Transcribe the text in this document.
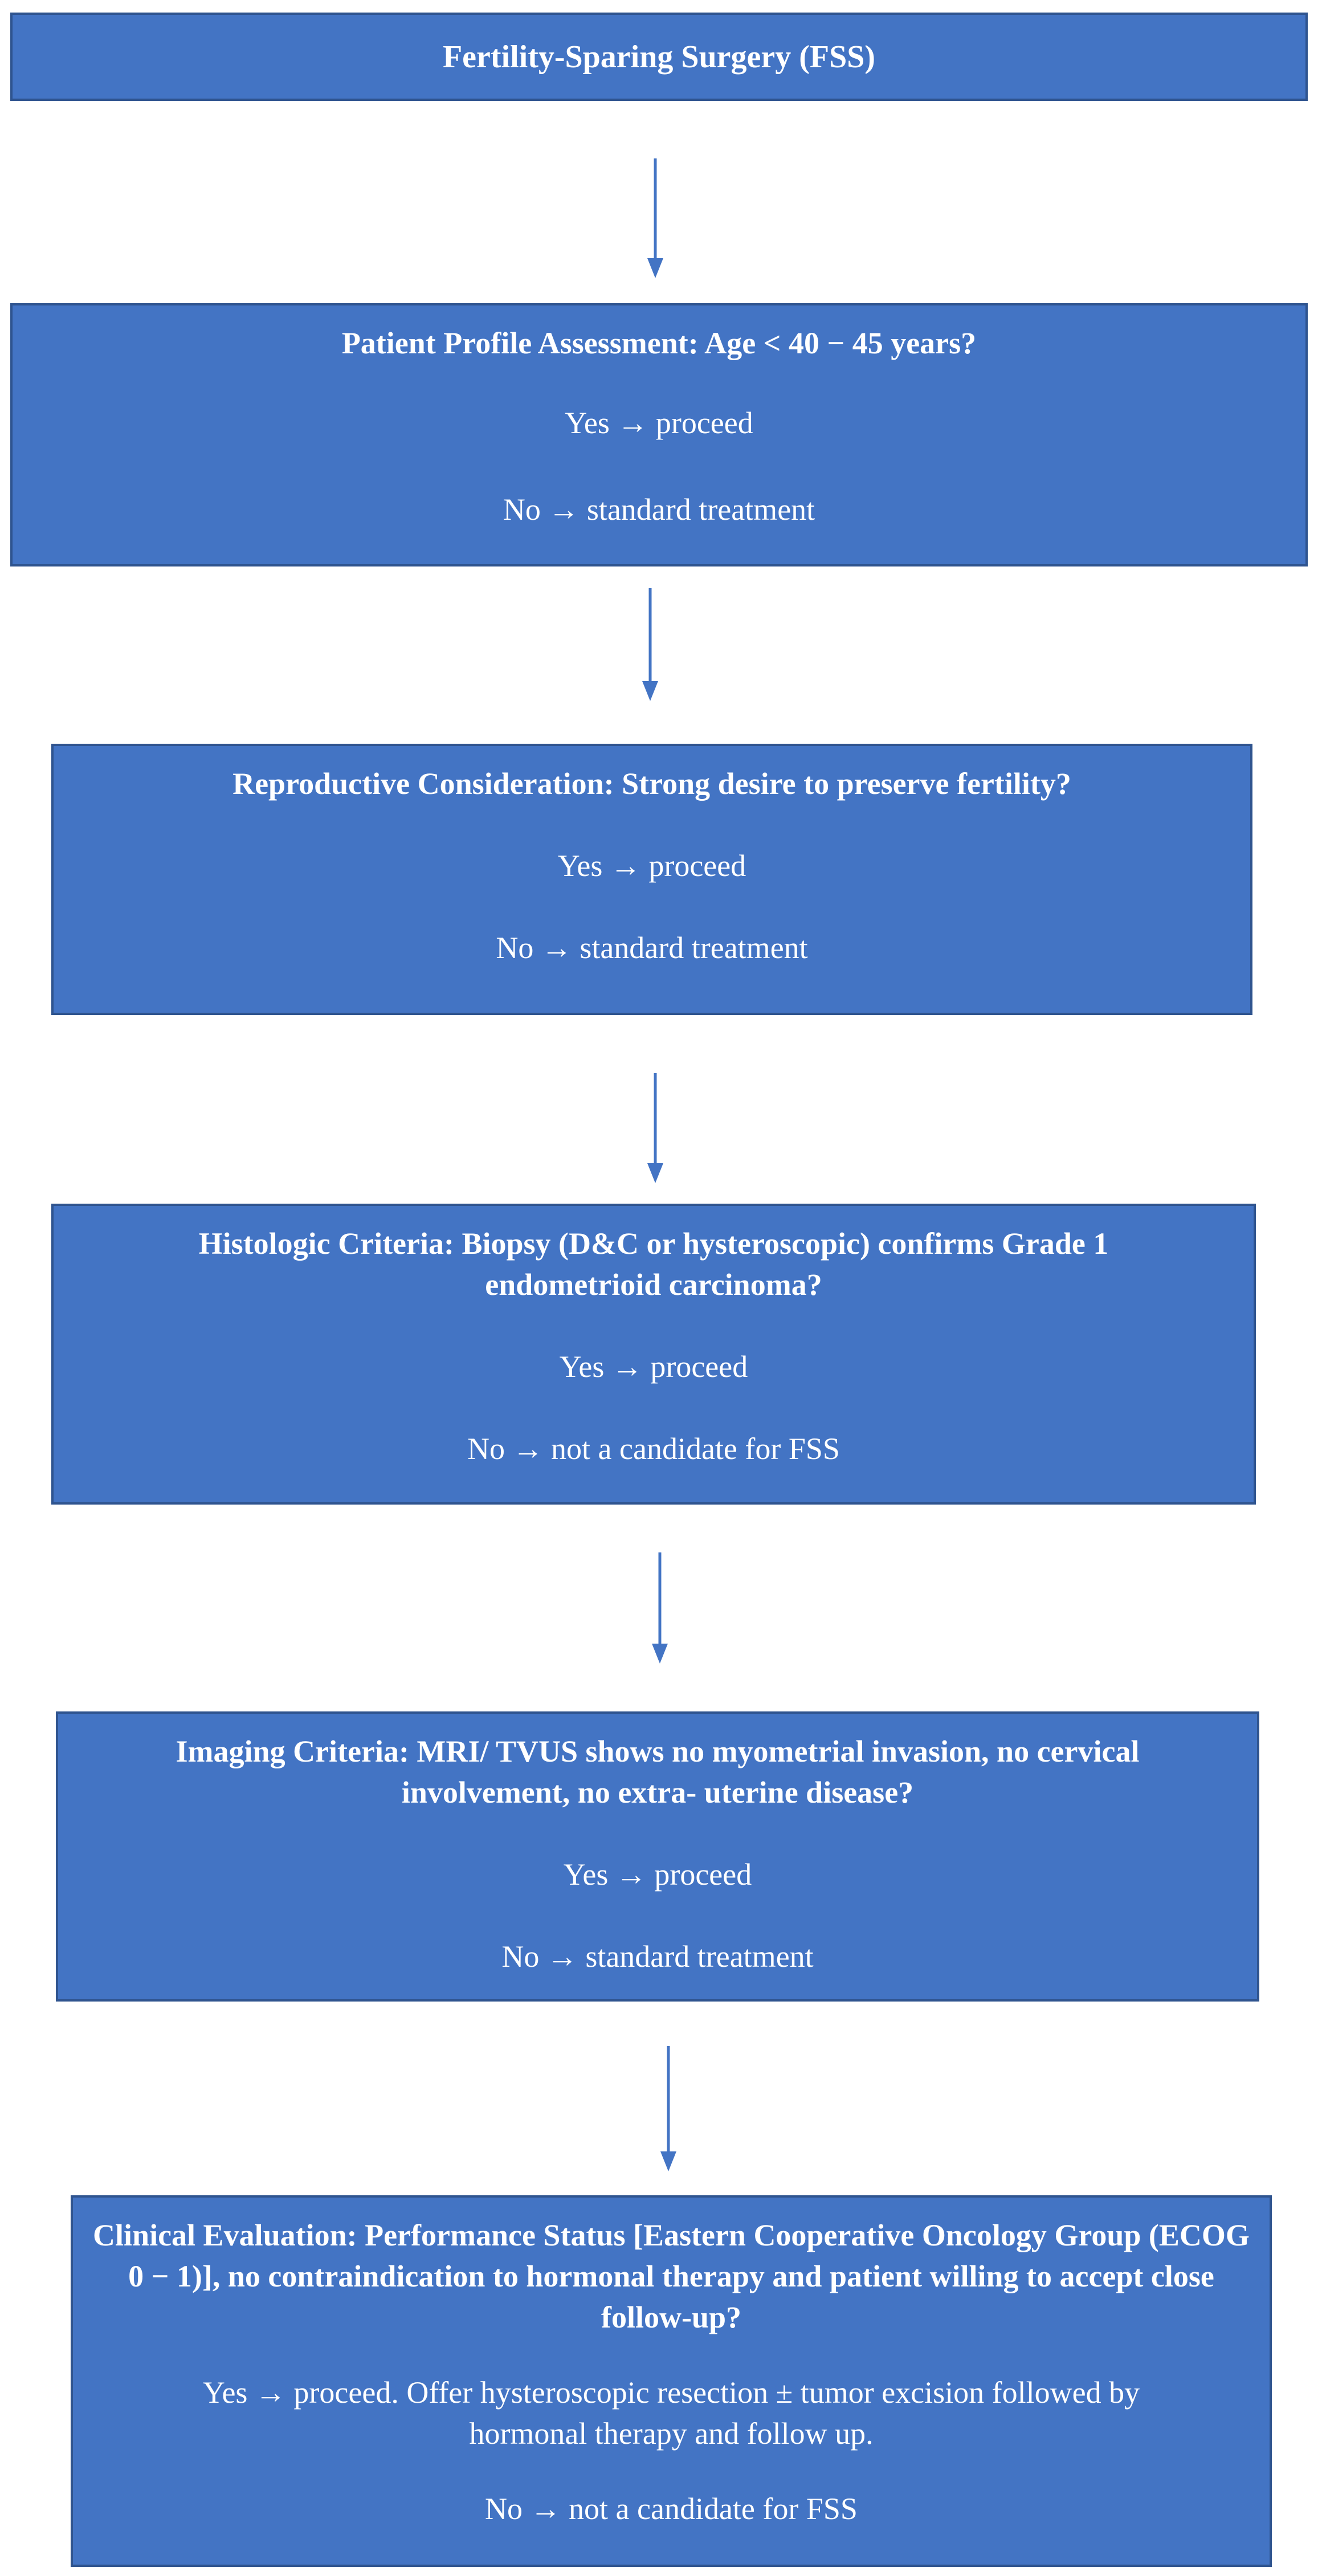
Fertility-Sparing Surgery (FSS)
Patient Profile Assessment: Age < 40 − 45 years?
Yes → proceed
No → standard treatment
Reproductive Consideration: Strong desire to preserve fertility?
Yes → proceed
No → standard treatment
Histologic Criteria: Biopsy (D&C or hysteroscopic) confirms Grade 1 endometrioid carcinoma?
Yes → proceed
No → not a candidate for FSS
Imaging Criteria: MRI/ TVUS shows no myometrial invasion, no cervical involvement, no extra- uterine disease?
Yes → proceed
No → standard treatment
Clinical Evaluation: Performance Status [Eastern Cooperative Oncology Group (ECOG 0 − 1)], no contraindication to hormonal therapy and patient willing to accept close follow-up?
Yes → proceed. Offer hysteroscopic resection ± tumor excision followed by hormonal therapy and follow up.
No → not a candidate for FSS
